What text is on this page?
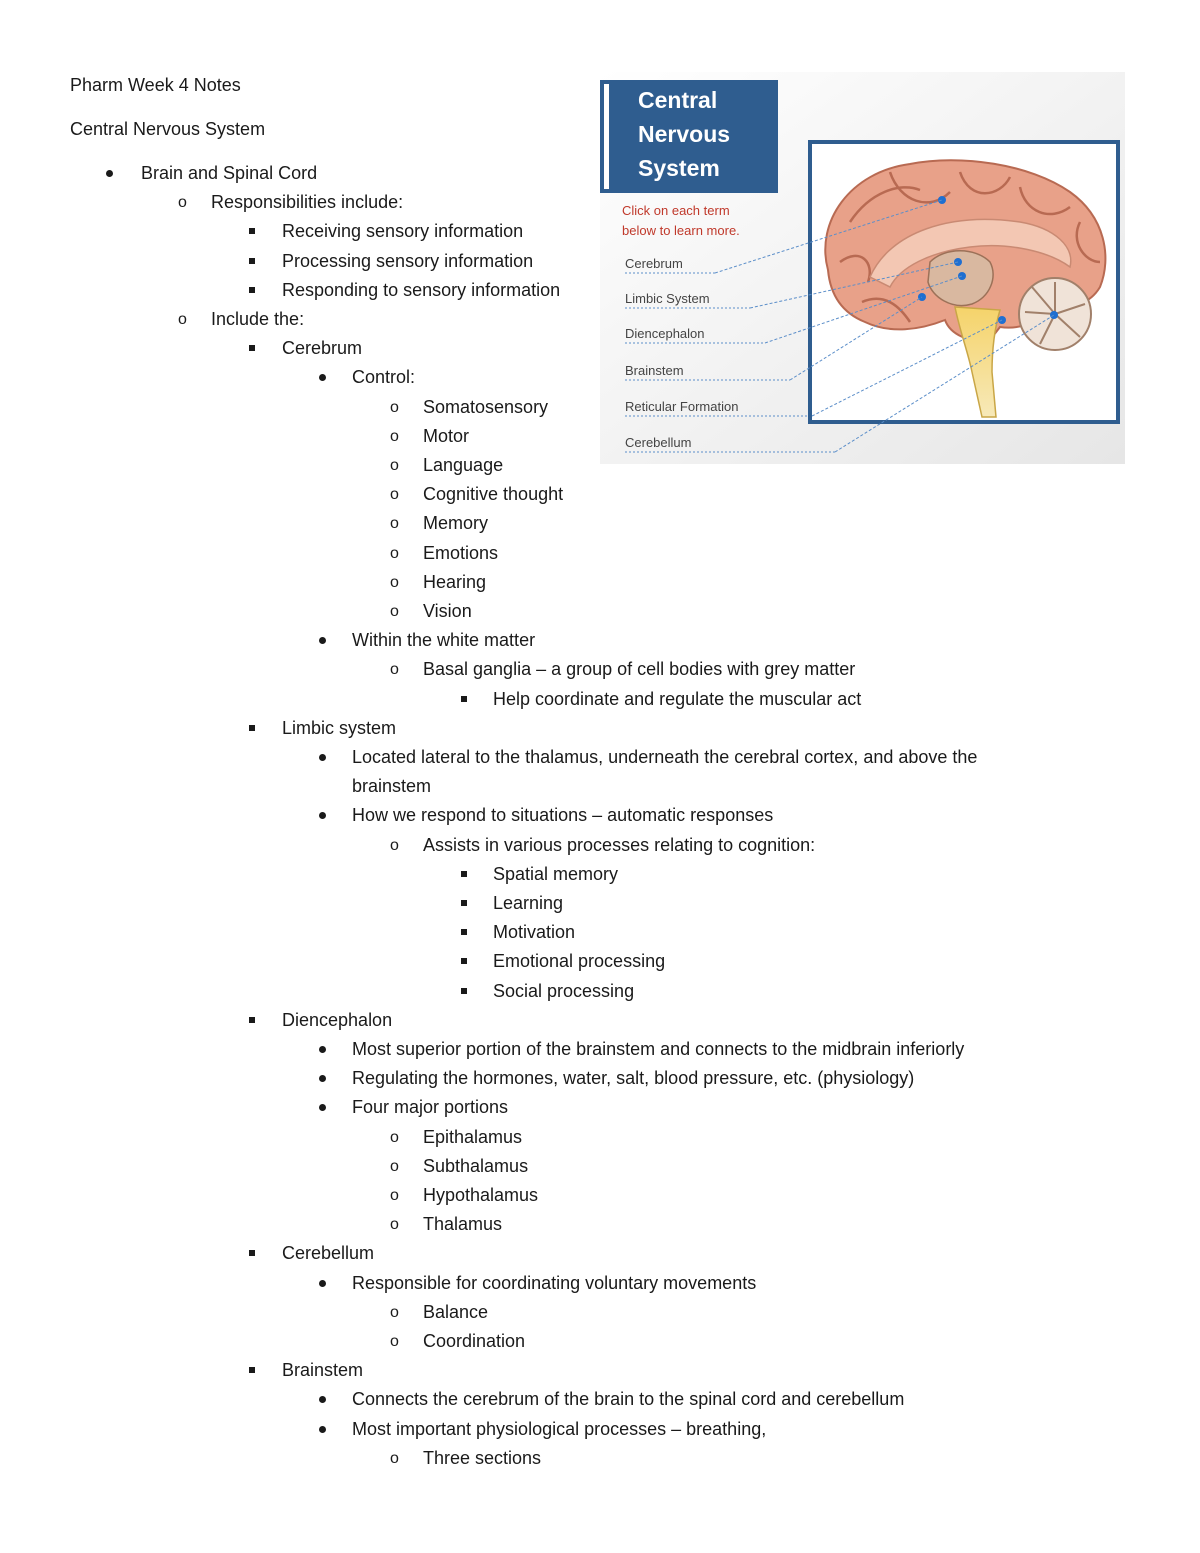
Pharm Week 4 Notes
Central Nervous System
Brain and Spinal Cord
o Responsibilities include:
Receiving sensory information
Processing sensory information
Responding to sensory information
o Include the:
Cerebrum
Control:
o Somatosensory
o Motor
o Language
o Cognitive thought
o Memory
o Emotions
o Hearing
o Vision
Within the white matter
o Basal ganglia – a group of cell bodies with grey matter
Help coordinate and regulate the muscular act
Limbic system
Located lateral to the thalamus, underneath the cerebral cortex, and above the
brainstem
How we respond to situations – automatic responses
o Assists in various processes relating to cognition:
Spatial memory
Learning
Motivation
Emotional processing
Social processing
Diencephalon
Most superior portion of the brainstem and connects to the midbrain inferiorly
Regulating the hormones, water, salt, blood pressure, etc. (physiology)
Four major portions
o Epithalamus
o Subthalamus
o Hypothalamus
o Thalamus
Cerebellum
Responsible for coordinating voluntary movements
o Balance
o Coordination
Brainstem
Connects the cerebrum of the brain to the spinal cord and cerebellum
Most important physiological processes – breathing,
o Three sections
Central
Nervous
System
Click on each term
below to learn more.
Cerebrum
Limbic System
Diencephalon
Brainstem
Reticular Formation
Cerebellum
